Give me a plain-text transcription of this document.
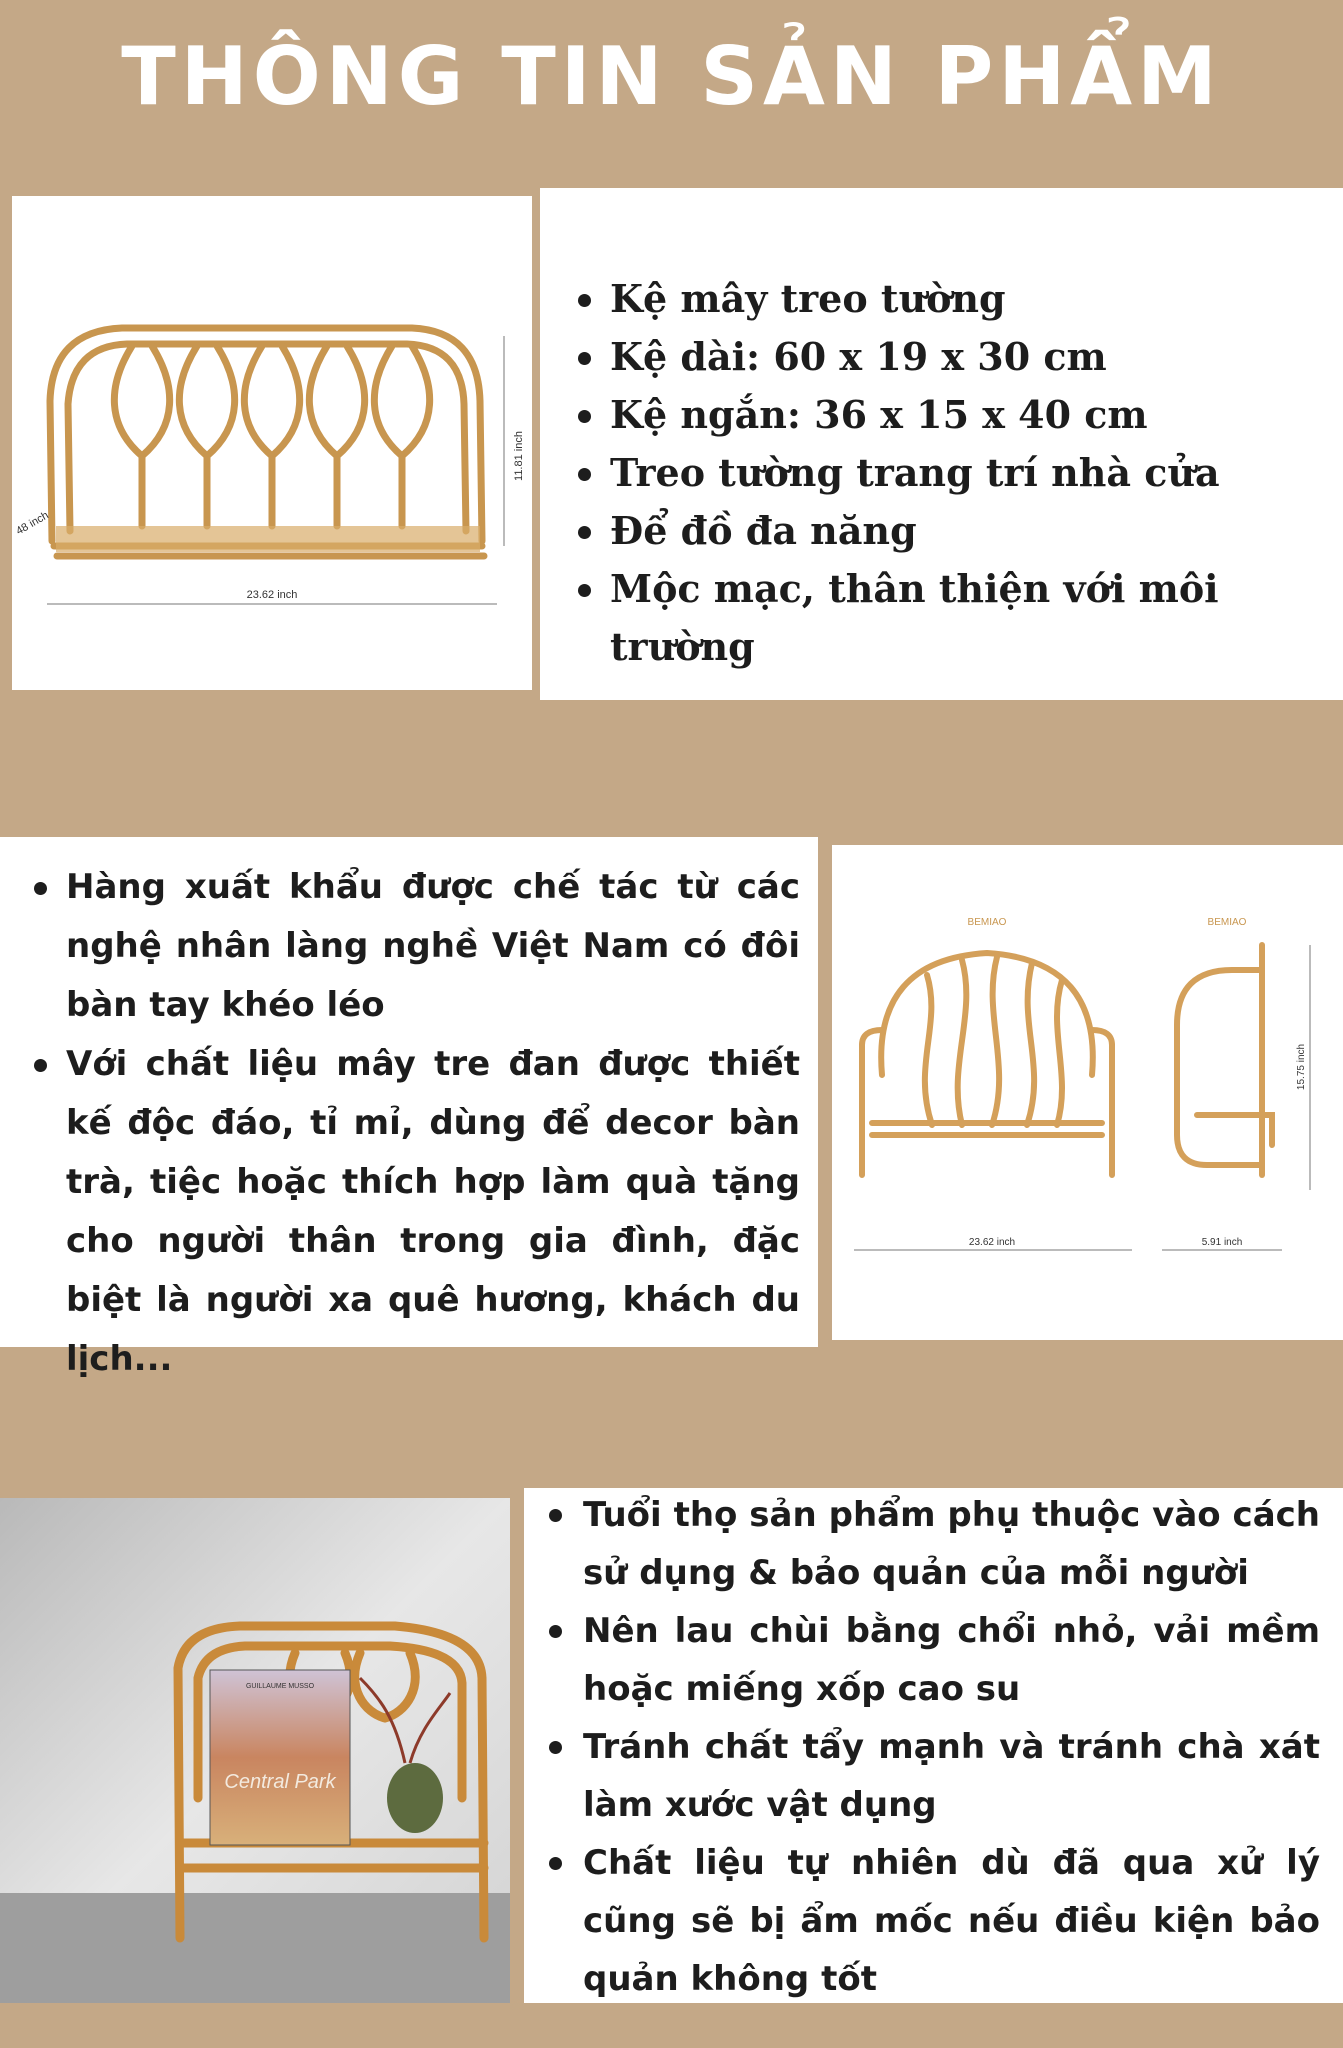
THÔNG TIN SẢN PHẨM
23.62 inch
11.81 inch
48 inch
Kệ mây treo tường
Kệ dài: 60 x 19 x 30 cm
Kệ ngắn: 36 x 15 x 40 cm
Treo tường trang trí nhà cửa
Để đồ đa năng
Mộc mạc, thân thiện với môi trường
Hàng xuất khẩu được chế tác từ các nghệ nhân làng nghề Việt Nam có đôi bàn tay khéo léo
Với chất liệu mây tre đan được thiết kế độc đáo, tỉ mỉ, dùng để decor bàn trà, tiệc hoặc thích hợp làm quà tặng cho người thân trong gia đình, đặc biệt là người xa quê hương, khách du lịch...
BEMIAO	BEMIAO
23.62 inch	5.91 inch
15.75 inch
GUILLAUME MUSSO
Central Park
Tuổi thọ sản phẩm phụ thuộc vào cách sử dụng & bảo quản của mỗi người
Nên lau chùi bằng chổi nhỏ, vải mềm hoặc miếng xốp cao su
Tránh chất tẩy mạnh và tránh chà xát làm xước vật dụng
Chất liệu tự nhiên dù đã qua xử lý cũng sẽ bị ẩm mốc nếu điều kiện bảo quản không tốt
